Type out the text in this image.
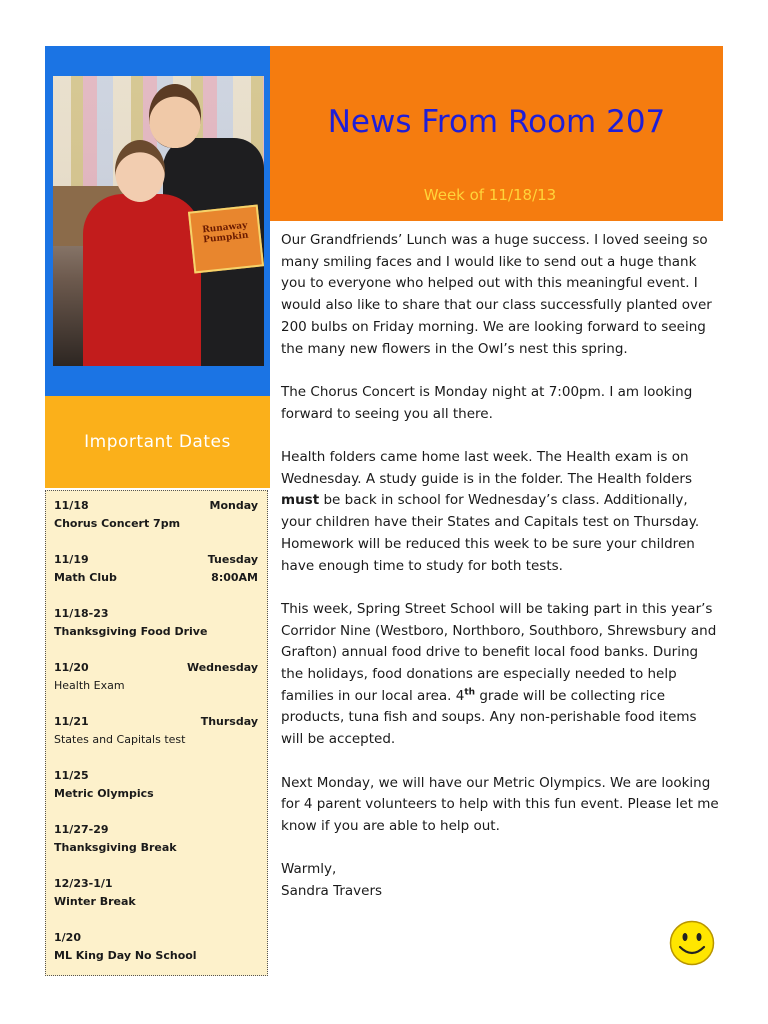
Runaway Pumpkin
News From Room 207
Week of 11/18/13
Important Dates
11/18	Monday
Chorus Concert 7pm
11/19	Tuesday
Math Club	8:00AM
11/18-23
Thanksgiving Food Drive
11/20	Wednesday
Health Exam
11/21	Thursday
States and Capitals test
11/25
Metric Olympics
11/27-29
Thanksgiving Break
12/23-1/1
Winter Break
1/20
ML King Day No School

Our Grandfriends’ Lunch was a huge success. I loved seeing so many smiling faces and I would like to send out a huge thank you to everyone who helped out with this meaningful event. I would also like to share that our class successfully planted over 200 bulbs on Friday morning. We are looking forward to seeing the many new flowers in the Owl’s nest this spring.

The Chorus Concert is Monday night at 7:00pm. I am looking forward to seeing you all there.

Health folders came home last week. The Health exam is on Wednesday. A study guide is in the folder. The Health folders must be back in school for Wednesday’s class. Additionally, your children have their States and Capitals test on Thursday. Homework will be reduced this week to be sure your children have enough time to study for both tests.

This week, Spring Street School will be taking part in this year’s Corridor Nine (Westboro, Northboro, Southboro, Shrewsbury and Grafton) annual food drive to benefit local food banks. During the holidays, food donations are especially needed to help families in our local area. 4th grade will be collecting rice products, tuna fish and soups. Any non-perishable food items will be accepted.

Next Monday, we will have our Metric Olympics. We are looking for 4 parent volunteers to help with this fun event. Please let me know if you are able to help out.

Warmly,
Sandra Travers
